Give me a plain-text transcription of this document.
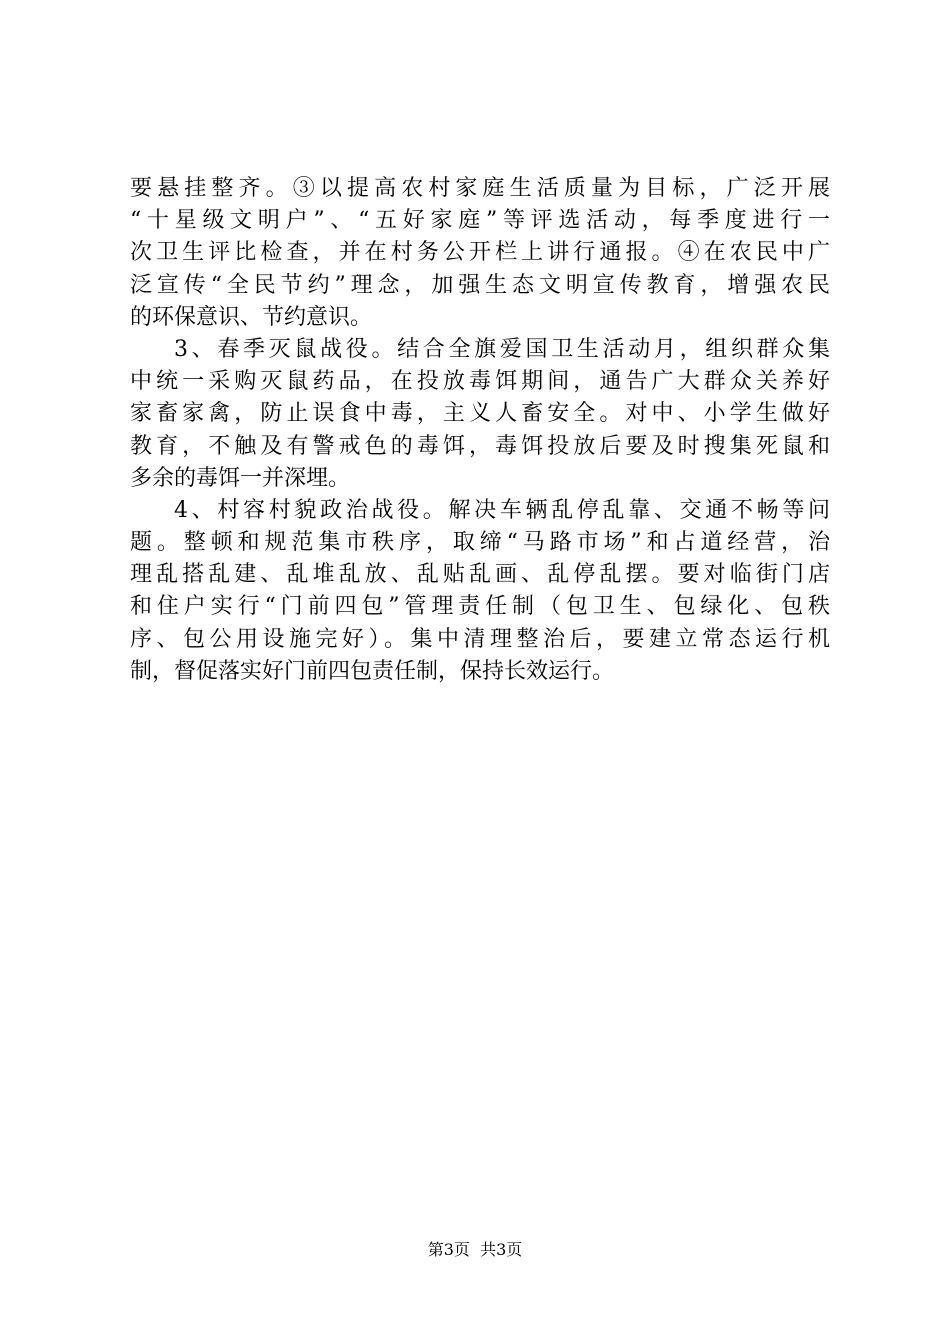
要悬挂整齐。③以提高农村家庭生活质量为目标，广泛开展
“十星级文明户”、“五好家庭”等评选活动，每季度进行一
次卫生评比检查，并在村务公开栏上讲行通报。④在农民中广
泛宣传“全民节约”理念，加强生态文明宣传教育，增强农民
的环保意识、节约意识。
3、春季灭鼠战役。结合全旗爱国卫生活动月，组织群众集
中统一采购灭鼠药品，在投放毒饵期间，通告广大群众关养好
家畜家禽，防止误食中毒，主义人畜安全。对中、小学生做好
教育，不触及有警戒色的毒饵，毒饵投放后要及时搜集死鼠和
多余的毒饵一并深埋。
4、村容村貌政治战役。解决车辆乱停乱靠、交通不畅等问
题。整顿和规范集市秩序，取缔“马路市场”和占道经营，治
理乱搭乱建、乱堆乱放、乱贴乱画、乱停乱摆。要对临街门店
和住户实行“门前四包”管理责任制（包卫生、包绿化、包秩
序、包公用设施完好）。集中清理整治后，要建立常态运行机
制，督促落实好门前四包责任制，保持长效运行。
第3页  共3页
